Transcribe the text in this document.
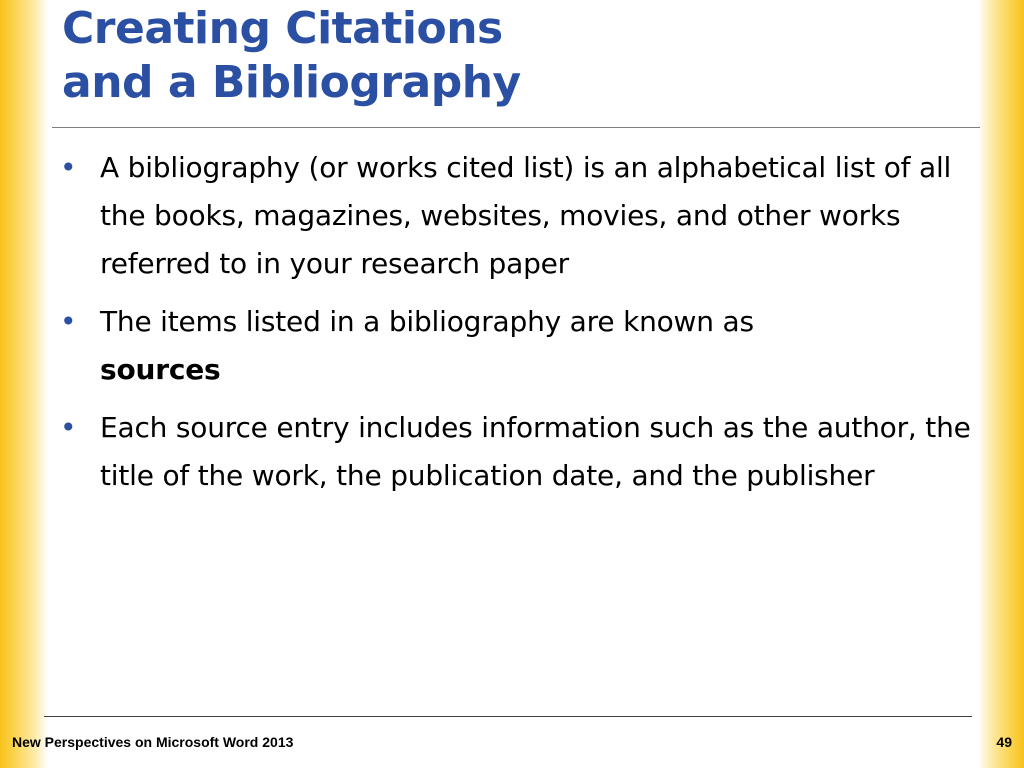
Creating Citations
and a Bibliography
• A bibliography (or works cited list) is an alphabetical list of all the books, magazines, websites, movies, and other works referred to in your research paper
• The items listed in a bibliography are known as
sources
• Each source entry includes information such as the author, the title of the work, the publication date, and the publisher
New Perspectives on Microsoft Word 2013	49
